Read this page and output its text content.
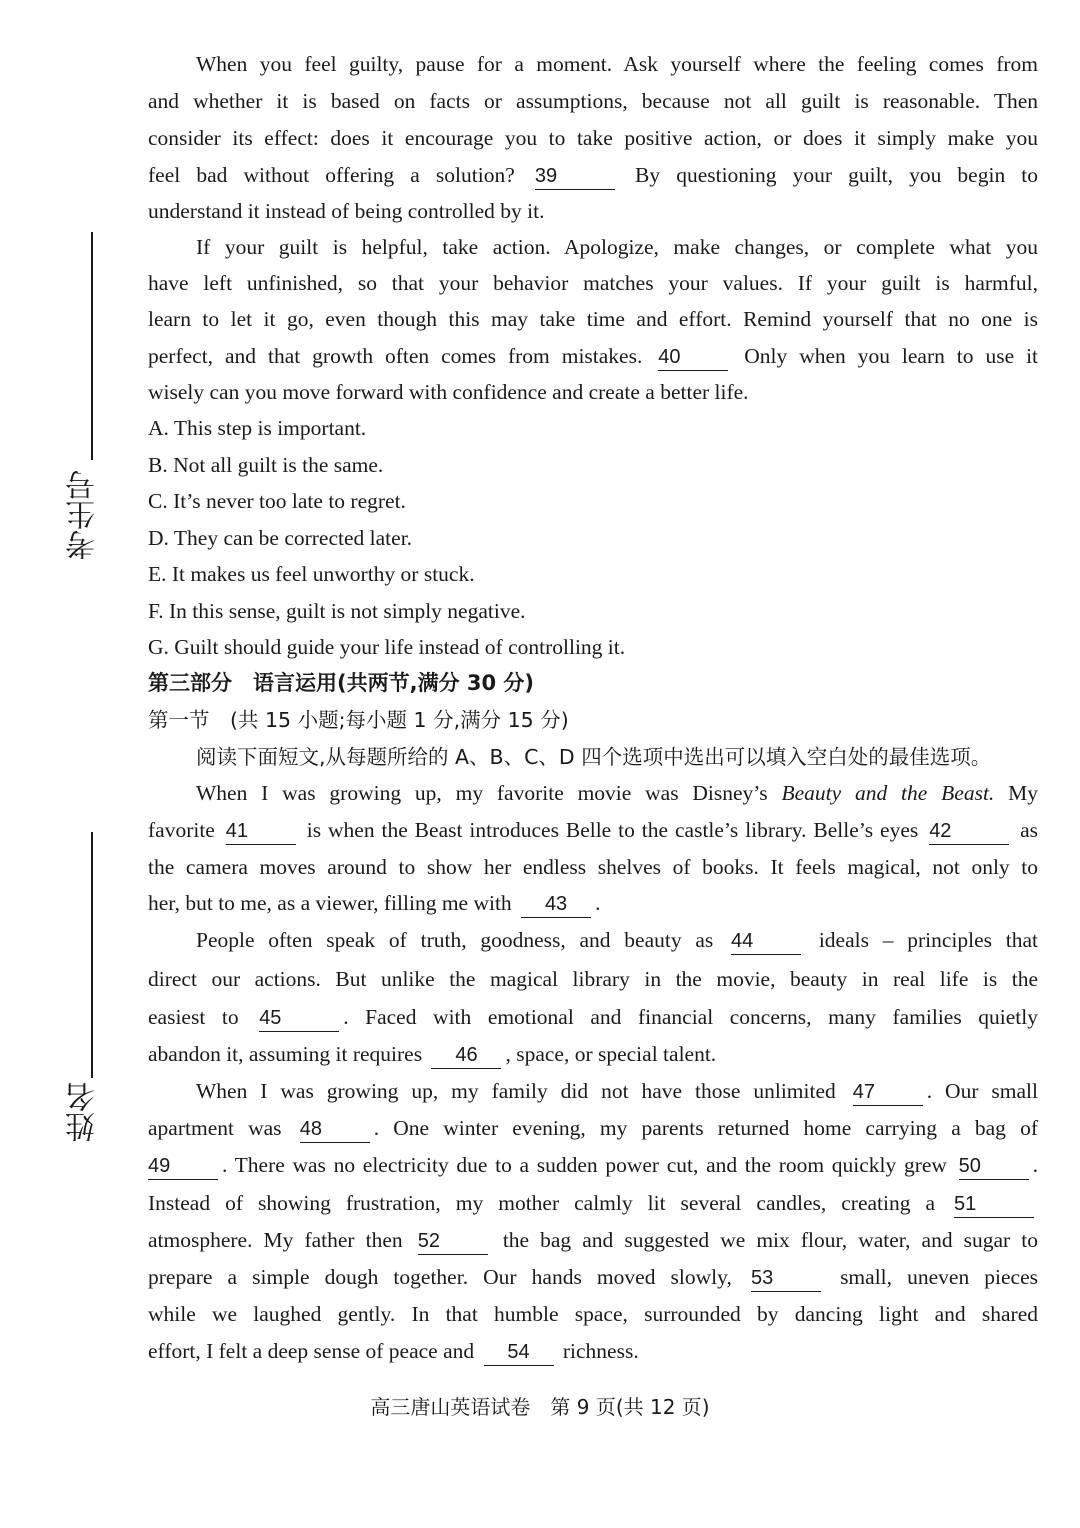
考生号
姓名
When you feel guilty, pause for a moment. Ask yourself where the feeling comes from
and whether it is based on facts or assumptions, because not all guilt is reasonable. Then
consider its effect: does it encourage you to take positive action, or does it simply make you
feel bad without offering a solution? 39	By questioning your guilt, you begin to
understand it instead of being controlled by it.
If your guilt is helpful, take action. Apologize, make changes, or complete what you
have left unfinished, so that your behavior matches your values. If your guilt is harmful,
learn to let it go, even though this may take time and effort. Remind yourself that no one is
perfect, and that growth often comes from mistakes. 40	Only when you learn to use it
wisely can you move forward with confidence and create a better life.
A. This step is important.
B. Not all guilt is the same.
C. It’s never too late to regret.
D. They can be corrected later.
E. It makes us feel unworthy or stuck.
F. In this sense, guilt is not simply negative.
G. Guilt should guide your life instead of controlling it.
第三部分　语言运用(共两节,满分 30 分)
第一节　(共 15 小题;每小题 1 分,满分 15 分)
阅读下面短文,从每题所给的 A、B、C、D 四个选项中选出可以填入空白处的最佳选项。
When I was growing up, my favorite movie was Disney’s Beauty and the Beast. My
favorite 41	is when the Beast introduces Belle to the castle’s library. Belle’s eyes 42	as
the camera moves around to show her endless shelves of books. It feels magical, not only to
her, but to me, as a viewer, filling me with 43 .
People often speak of truth, goodness, and beauty as 44	ideals – principles that
direct our actions. But unlike the magical library in the movie, beauty in real life is the
easiest to 45	. Faced with emotional and financial concerns, many families quietly
abandon it, assuming it requires 46 , space, or special talent.
When I was growing up, my family did not have those unlimited 47 . Our small
apartment was 48 . One winter evening, my parents returned home carrying a bag of
49 . There was no electricity due to a sudden power cut, and the room quickly grew 50 .
Instead of showing frustration, my mother calmly lit several candles, creating a 51
atmosphere. My father then 52	the bag and suggested we mix flour, water, and sugar to
prepare a simple dough together. Our hands moved slowly, 53	small, uneven pieces
while we laughed gently. In that humble space, surrounded by dancing light and shared
effort, I felt a deep sense of peace and 54 richness.
高三唐山英语试卷　第 9 页(共 12 页)
